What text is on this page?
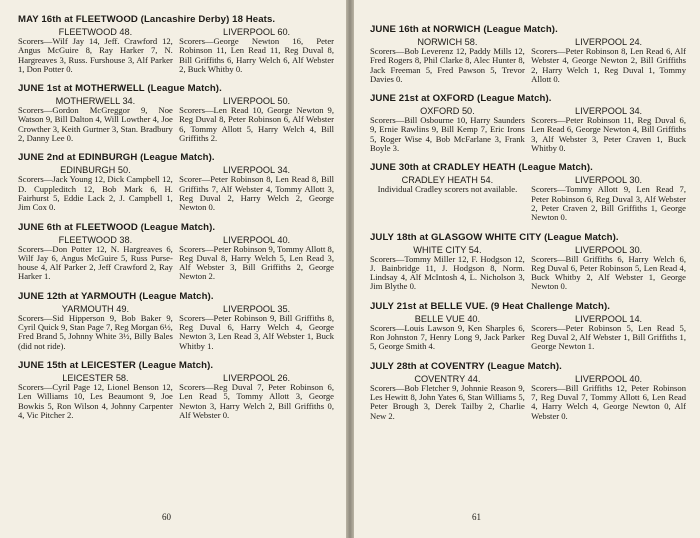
MAY 16th at FLEETWOOD (Lancashire Derby) 18 Heats.
FLEETWOOD 48.
Scorers—Wilf Jay 14, Jeff. Crawford 12, Angus McGuire 8, Ray Harker 7, N. Hargreaves 3, Russ. Furshouse 3, Alf Parker 1, Don Potter 0.
LIVERPOOL 60.
Scorers—George Newton 16, Peter Robinson 11, Len Read 11, Reg Duval 8, Bill Griffiths 6, Harry Welch 6, Alf Webster 2, Buck Whitby 0.
JUNE 1st at MOTHERWELL (League Match).
MOTHERWELL 34.
Scorers—Gordon McGreggor 9, Noe Watson 9, Bill Dalton 4, Will Lowther 4, Joe Crowther 3, Keith Gurtner 3, Stan. Bradbury 2, Danny Lee 0.
LIVERPOOL 50.
Scorers—Len Read 10, George Newton 9, Reg Duval 8, Peter Robinson 6, Alf Webster 6, Tommy Allott 5, Harry Welch 4, Bill Griffiths 2.
JUNE 2nd at EDINBURGH (League Match).
EDINBURGH 50.
Scorers—Jack Young 12, Dick Campbell 12, D. Cuppleditch 12, Bob Mark 6, H. Fairhurst 5, Eddie Lack 2, J. Campbell 1, Jim Cox 0.
LIVERPOOL 34.
Scorer—Peter Robinson 8, Len Read 8, Bill Griffiths 7, Alf Webster 4, Tommy Allott 3, Reg Duval 2, Harry Welch 2, George Newton 0.
JUNE 6th at FLEETWOOD (League Match).
FLEETWOOD 38.
Scorers—Don Potter 12, N. Hargreaves 6, Wilf Jay 6, Angus McGuire 5, Russ Purse-house 4, Alf Parker 2, Jeff Crawford 2, Ray Harker 1.
LIVERPOOL 40.
Scorers—Peter Robinson 9, Tommy Allott 8, Reg Duval 8, Harry Welch 5, Len Read 3, Alf Webster 3, Bill Griffiths 2, George Newton 2.
JUNE 12th at YARMOUTH (League Match).
YARMOUTH 49.
Scorers—Sid Hipperson 9, Bob Baker 9, Cyril Quick 9, Stan Page 7, Reg Morgan 6½, Fred Brand 5, Johnny White 3½, Billy Bales (did not ride).
LIVERPOOL 35.
Scorers—Peter Robinson 9, Bill Griffiths 8, Reg Duval 6, Harry Welch 4, George Newton 3, Len Read 3, Alf Webster 1, Buck Whitby 1.
JUNE 15th at LEICESTER (League Match).
LEICESTER 58.
Scorers—Cyril Page 12, Lionel Benson 12, Len Williams 10, Les Beaumont 9, Joe Bowkis 5, Ron Wilson 4, Johnny Carpenter 4, Vic Pitcher 2.
LIVERPOOL 26.
Scorers—Reg Duval 7, Peter Robinson 6, Len Read 5, Tommy Allott 3, George Newton 3, Harry Welch 2, Bill Griffiths 0, Alf Webster 0.
60
JUNE 16th at NORWICH (League Match).
NORWICH 58.
Scorers—Bob Leverenz 12, Paddy Mills 12, Fred Rogers 8, Phil Clarke 8, Alec Hunter 8, Jack Freeman 5, Fred Pawson 5, Trevor Davies 0.
LIVERPOOL 24.
Scorers—Peter Robinson 8, Len Read 6, Alf Webster 4, George Newton 2, Bill Griffiths 2, Harry Welch 1, Reg Duval 1, Tommy Allott 0.
JUNE 21st at OXFORD (League Match).
OXFORD 50.
Scorers—Bill Osbourne 10, Harry Saunders 9, Ernie Rawlins 9, Bill Kemp 7, Eric Irons 5, Roger Wise 4, Bob McFarlane 3, Frank Boyle 3.
LIVERPOOL 34.
Scorers—Peter Robinson 11, Reg Duval 6, Len Read 6, George Newton 4, Bill Griffiths 3, Alf Webster 3, Peter Craven 1, Buck Whitby 0.
JUNE 30th at CRADLEY HEATH (League Match).
CRADLEY HEATH 54.
Individual Cradley scorers not available.
LIVERPOOL 30.
Scorers—Tommy Allott 9, Len Read 7, Peter Robinson 6, Reg Duval 3, Alf Webster 2, Peter Craven 2, Bill Griffiths 1, George Newton 0.
JULY 18th at GLASGOW WHITE CITY (League Match).
WHITE CITY 54.
Scorers—Tommy Miller 12, F. Hodgson 12, J. Bainbridge 11, J. Hodgson 8, Norm. Lindsay 4, Alf McIntosh 4, L. Nicholson 3, Jim Blythe 0.
LIVERPOOL 30.
Scorers—Bill Griffiths 6, Harry Welch 6, Reg Duval 6, Peter Robinson 5, Len Read 4, Buck Whitby 2, Alf Webster 1, George Newton 0.
JULY 21st at BELLE VUE. (9 Heat Challenge Match).
BELLE VUE 40.
Scorers—Louis Lawson 9, Ken Sharples 6, Ron Johnston 7, Henry Long 9, Jack Parker 5, George Smith 4.
LIVERPOOL 14.
Scorers—Peter Robinson 5, Len Read 5, Reg Duval 2, Alf Webster 1, Bill Griffiths 1, George Newton 1.
JULY 28th at COVENTRY (League Match).
COVENTRY 44.
Scorers—Bob Fletcher 9, Johnnie Reason 9, Les Hewitt 8, John Yates 6, Stan Williams 5, Peter Brough 3, Derek Tailby 2, Charlie New 2.
LIVERPOOL 40.
Scorers—Bill Griffiths 12, Peter Robinson 7, Reg Duval 7, Tommy Allott 6, Len Read 4, Harry Welch 4, George Newton 0, Alf Webster 0.
61
